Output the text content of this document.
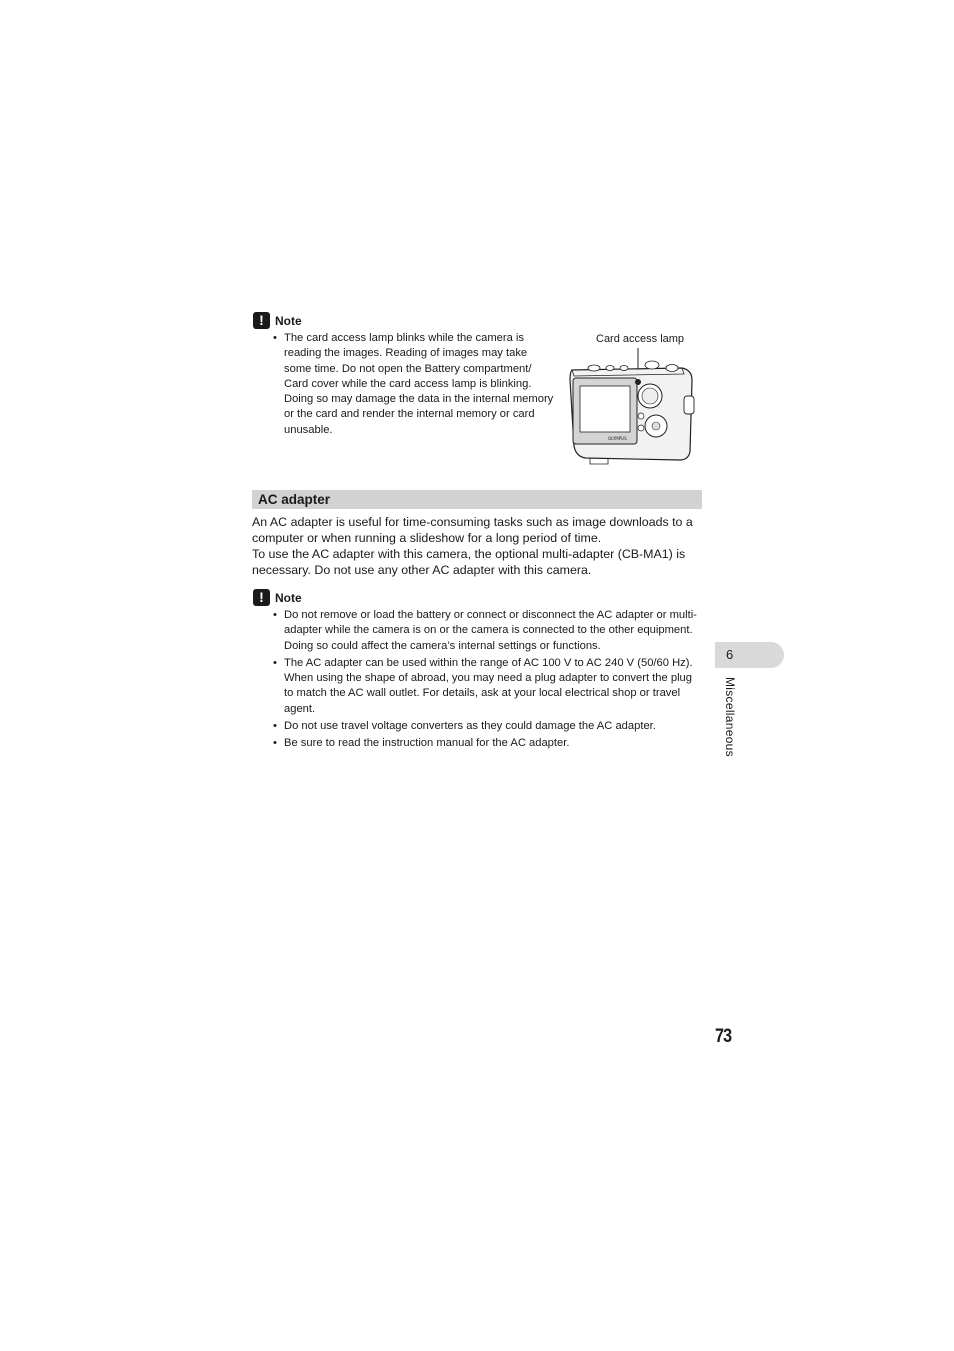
! Note
• The card access lamp blinks while the camera is reading the images. Reading of images may take some time. Do not open the Battery compartment/ Card cover while the card access lamp is blinking. Doing so may damage the data in the internal memory or the card and render the internal memory or card unusable.
Card access lamp
OLYMPUS
AC adapter
An AC adapter is useful for time-consuming tasks such as image downloads to a computer or when running a slideshow for a long period of time.
To use the AC adapter with this camera, the optional multi-adapter (CB-MA1) is necessary. Do not use any other AC adapter with this camera.
! Note
• Do not remove or load the battery or connect or disconnect the AC adapter or multi-adapter while the camera is on or the camera is connected to the other equipment. Doing so could affect the camera’s internal settings or functions.
• The AC adapter can be used within the range of AC 100 V to AC 240 V (50/60 Hz). When using the shape of abroad, you may need a plug adapter to convert the plug to match the AC wall outlet. For details, ask at your local electrical shop or travel agent.
• Do not use travel voltage converters as they could damage the AC adapter.
• Be sure to read the instruction manual for the AC adapter.
6
Miscellaneous
73
